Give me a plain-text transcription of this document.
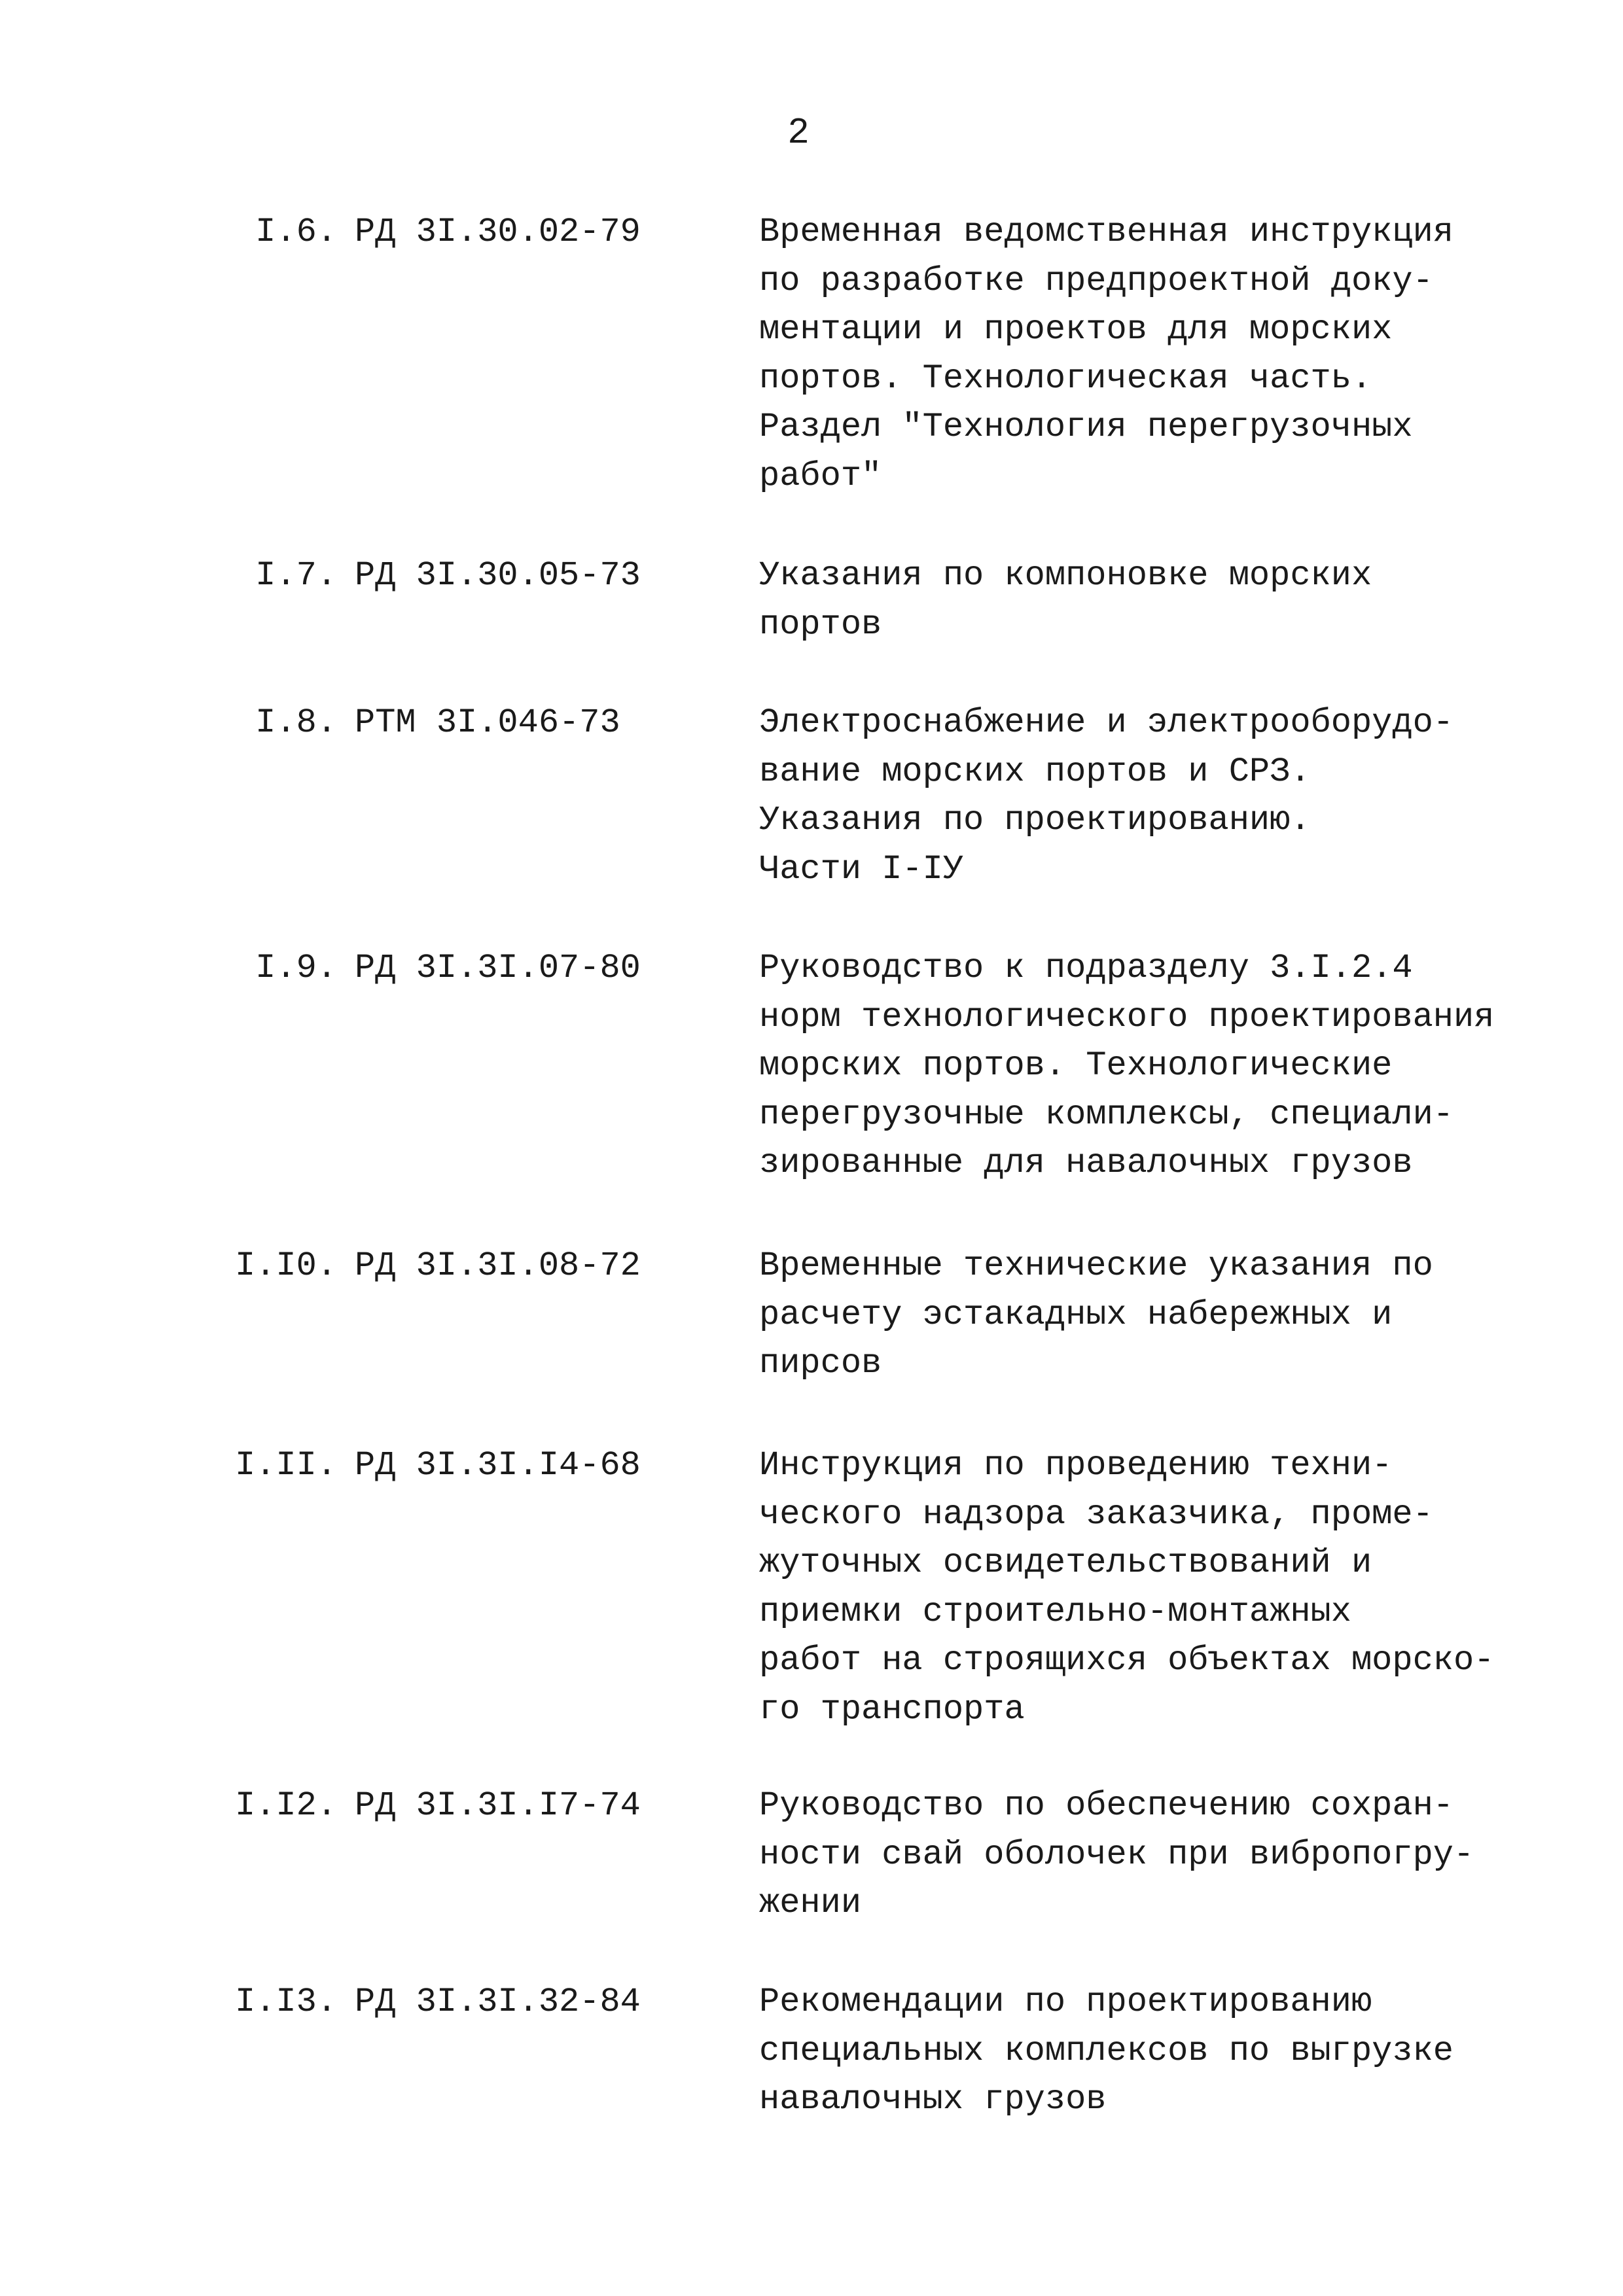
2
I.6. РД 3I.30.02-79	Временная ведомственная инструкция
по разработке предпроектной доку-
ментации и проектов для морских
портов. Технологическая часть.
Раздел "Технология перегрузочных
работ"
I.7. РД 3I.30.05-73	Указания по компоновке морских
портов
I.8. РТМ 3I.046-73	Электроснабжение и электрооборудо-
вание морских портов и СРЗ.
Указания по проектированию.
Части I-IУ
I.9. РД 3I.3I.07-80	Руководство к подразделу 3.I.2.4
норм технологического проектирования
морских портов. Технологические
перегрузочные комплексы, специали-
зированные для навалочных грузов
I.I0. РД 3I.3I.08-72	Временные технические указания по
расчету эстакадных набережных и
пирсов
I.II. РД 3I.3I.I4-68	Инструкция по проведению техни-
ческого надзора заказчика, проме-
жуточных освидетельствований и
приемки строительно-монтажных
работ на строящихся объектах морско-
го транспорта
I.I2. РД 3I.3I.I7-74	Руководство по обеспечению сохран-
ности свай оболочек при вибропогру-
жении
I.I3. РД 3I.3I.32-84	Рекомендации по проектированию
специальных комплексов по выгрузке
навалочных грузов
